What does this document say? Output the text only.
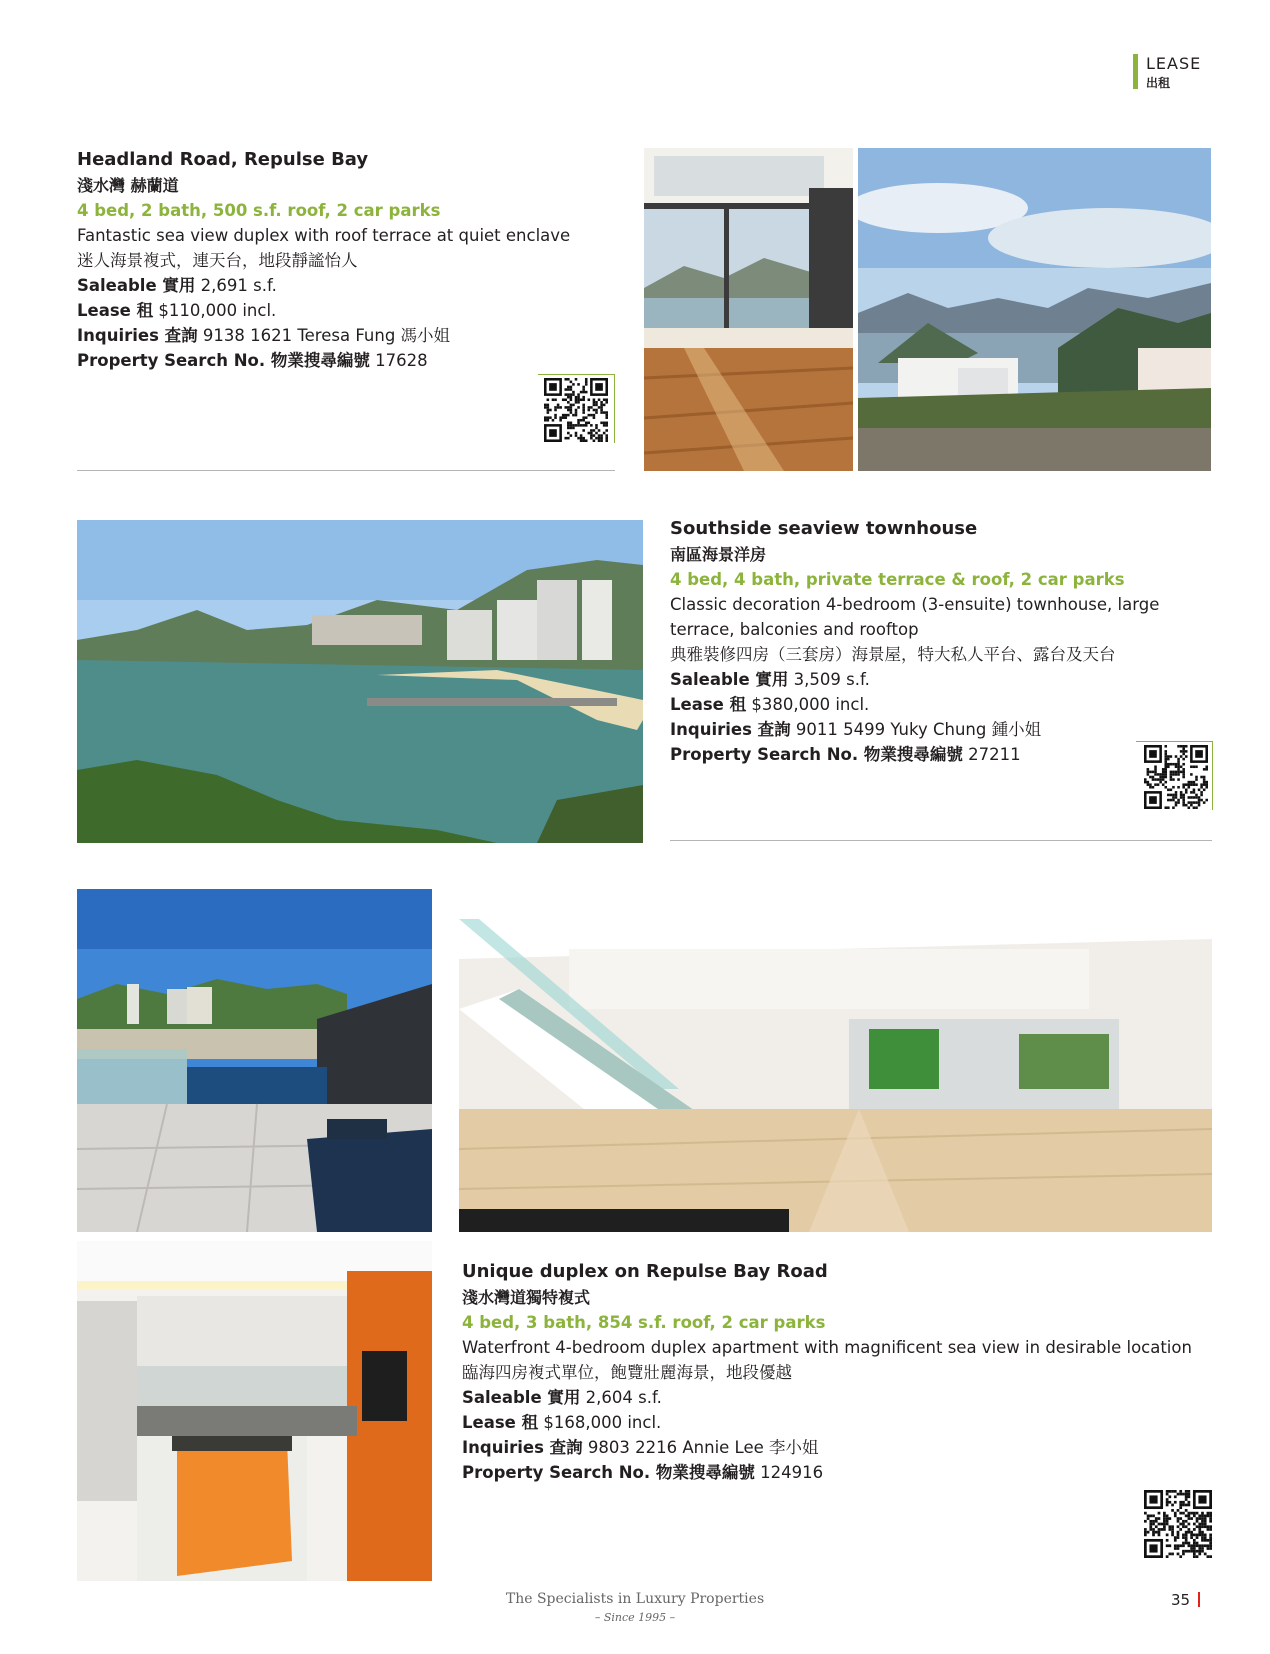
LEASE
出租
Headland Road, Repulse Bay
淺水灣 赫蘭道
4 bed, 2 bath, 500 s.f. roof, 2 car parks
Fantastic sea view duplex with roof terrace at quiet enclave
迷人海景複式，連天台，地段靜謐怡人
Saleable 實用 2,691 s.f.
Lease 租 $110,000 incl.
Inquiries 查詢 9138 1621 Teresa Fung 馮小姐
Property Search No. 物業搜尋編號 17628
Southside seaview townhouse
南區海景洋房
4 bed, 4 bath, private terrace & roof, 2 car parks
Classic decoration 4-bedroom (3-ensuite) townhouse, large
terrace, balconies and rooftop
典雅裝修四房（三套房）海景屋，特大私人平台、露台及天台
Saleable 實用 3,509 s.f.
Lease 租 $380,000 incl.
Inquiries 查詢 9011 5499 Yuky Chung 鍾小姐
Property Search No. 物業搜尋編號 27211
Unique duplex on Repulse Bay Road
淺水灣道獨特複式
4 bed, 3 bath, 854 s.f. roof, 2 car parks
Waterfront 4-bedroom duplex apartment with magnificent sea view in desirable location
臨海四房複式單位，飽覽壯麗海景，地段優越
Saleable 實用 2,604 s.f.
Lease 租 $168,000 incl.
Inquiries 查詢 9803 2216 Annie Lee 李小姐
Property Search No. 物業搜尋編號 124916
The Specialists in Luxury Properties
– Since 1995 –
35
